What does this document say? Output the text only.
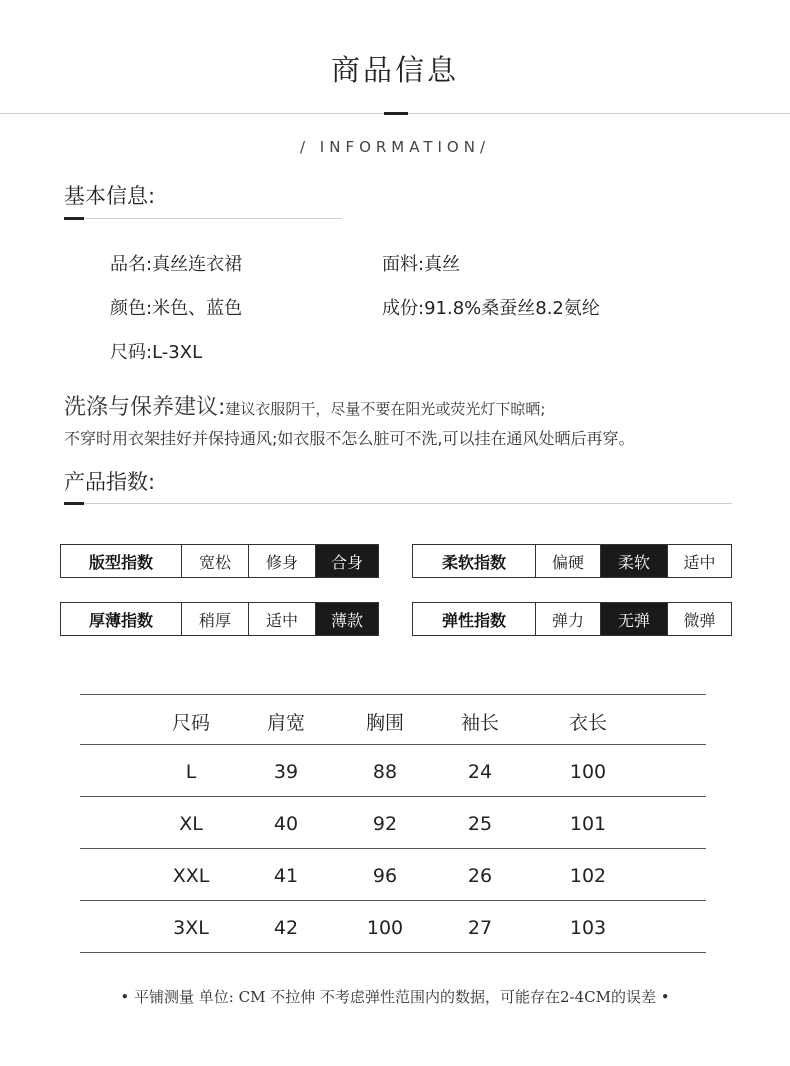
商品信息
/ INFORMATION/
基本信息:
品名:真丝连衣裙	面料:真丝
颜色:米色、蓝色	成份:91.8%桑蚕丝8.2氨纶
尺码:L-3XL
洗涤与保养建议:建议衣服阴干，尽量不要在阳光或荧光灯下晾晒;
不穿时用衣架挂好并保持通风;如衣服不怎么脏可不洗,可以挂在通风处晒后再穿。
产品指数:
版型指数	宽松	修身	合身	柔软指数	偏硬	柔软	适中
厚薄指数	稍厚	适中	薄款	弹性指数	弹力	无弹	微弹
尺码	肩宽	胸围	袖长	衣长
L	39	88	24	100
XL	40	92	25	101
XXL	41	96	26	102
3XL	42	100	27	103
• 平铺测量 单位: CM 不拉伸 不考虑弹性范围内的数据，可能存在2-4CM的误差 •
